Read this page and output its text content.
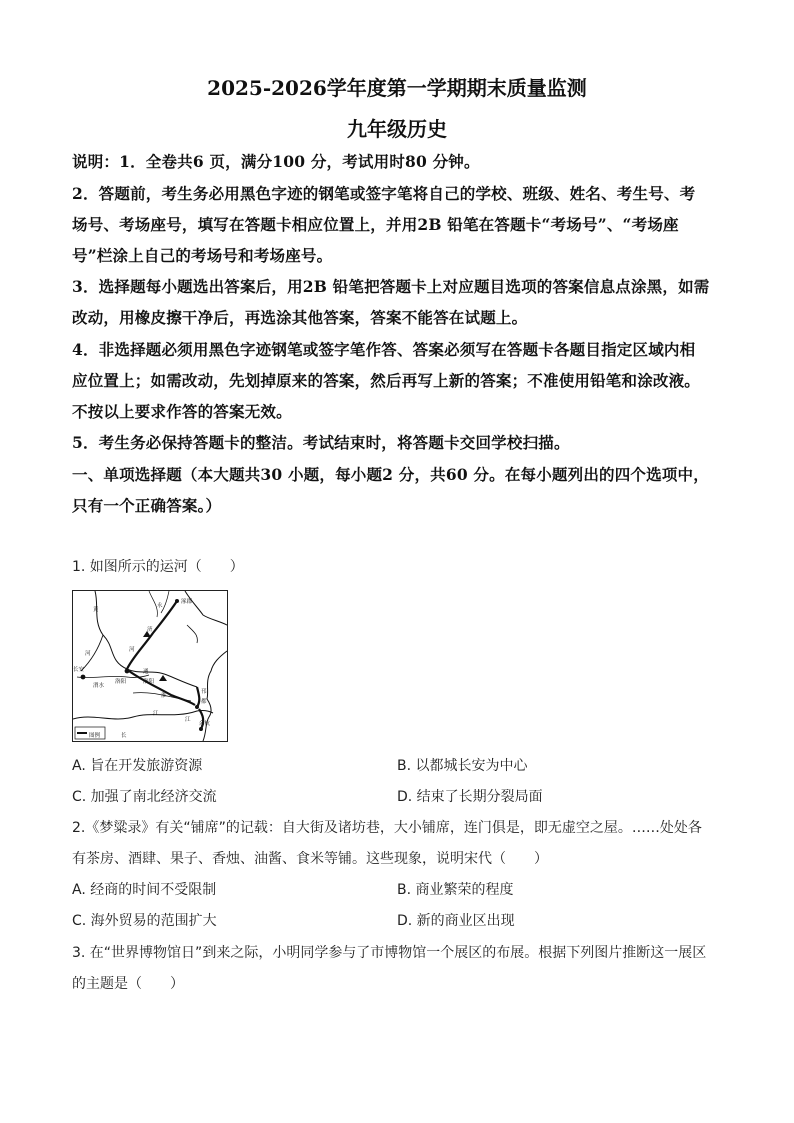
2025-2026学年度第一学期期末质量监测
九年级历史
说明：1．全卷共6 页，满分100 分，考试用时80 分钟。
2．答题前，考生务必用黑色字迹的钢笔或签字笔将自己的学校、班级、姓名、考生号、考
场号、考场座号，填写在答题卡相应位置上，并用2B 铅笔在答题卡“考场号”、“考场座
号”栏涂上自己的考场号和考场座号。
3．选择题每小题选出答案后，用2B 铅笔把答题卡上对应题目选项的答案信息点涂黑，如需
改动，用橡皮擦干净后，再选涂其他答案，答案不能答在试题上。
4．非选择题必须用黑色字迹钢笔或签字笔作答、答案必须写在答题卡各题目指定区域内相
应位置上；如需改动，先划掉原来的答案，然后再写上新的答案；不准使用铅笔和涂改液。
不按以上要求作答的答案无效。
5．考生务必保持答题卡的整洁。考试结束时，将答题卡交回学校扫描。
一、单项选择题（本大题共30 小题，每小题2 分，共60 分。在每小题列出的四个选项中，
只有一个正确答案。）
1. 如图所示的运河（　　）
涿郡
黄
永
济
河
长安	通
洛阳	洛阳
淮
江
都
余杭
长
邗
江
河
渭水
图例
A. 旨在开发旅游资源	B. 以都城长安为中心
C. 加强了南北经济交流	D. 结束了长期分裂局面
2.《梦粱录》有关“铺席”的记载：自大街及诸坊巷，大小铺席，连门俱是，即无虚空之屋。……处处各
有茶房、酒肆、果子、香烛、油酱、食米等铺。这些现象，说明宋代（　　）
A. 经商的时间不受限制	B. 商业繁荣的程度
C. 海外贸易的范围扩大	D. 新的商业区出现
3. 在“世界博物馆日”到来之际，小明同学参与了市博物馆一个展区的布展。根据下列图片推断这一展区
的主题是（　　）
